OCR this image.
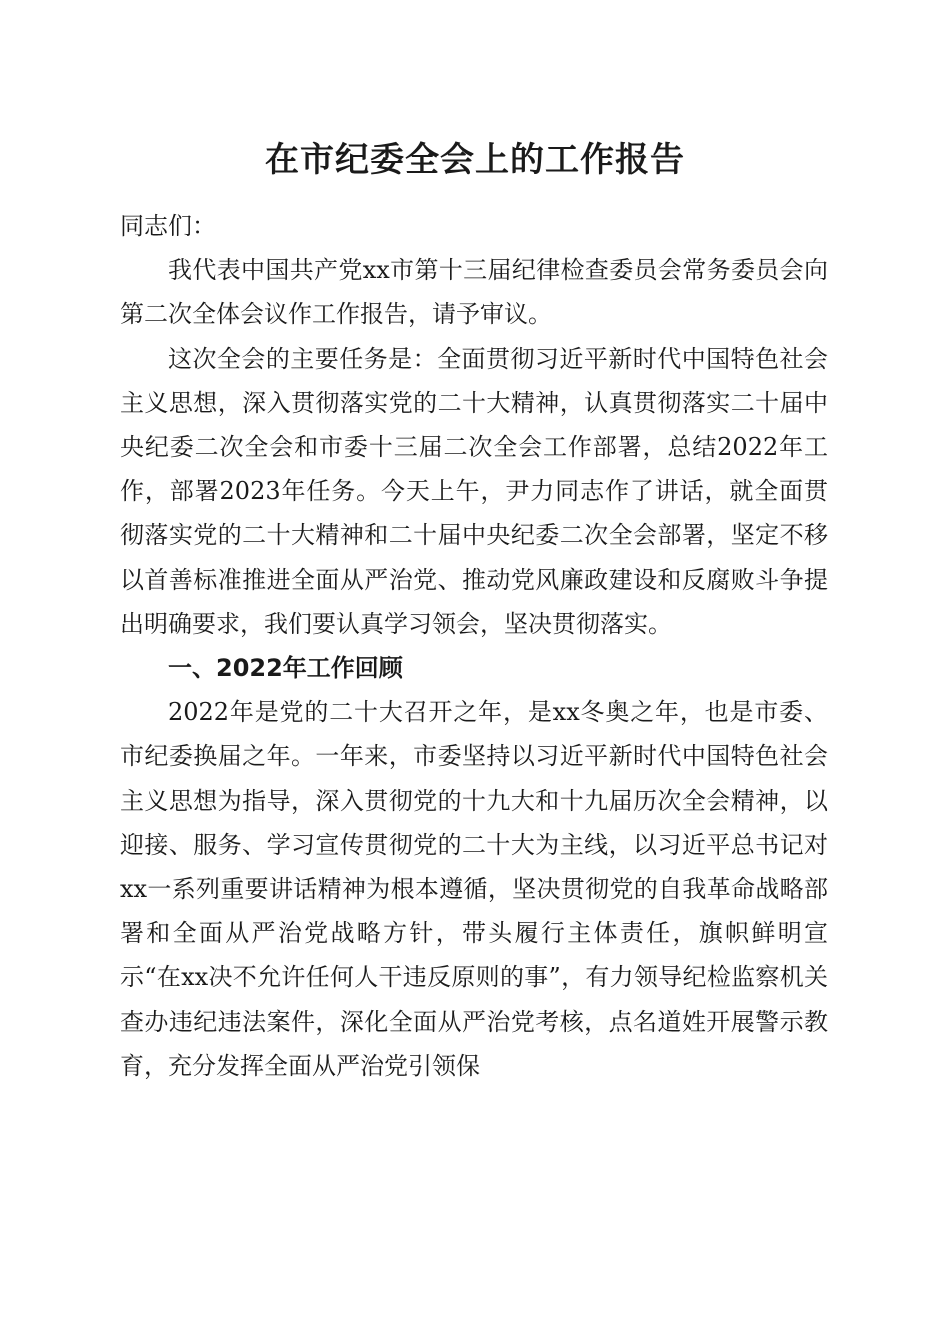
在市纪委全会上的工作报告

同志们：

我代表中国共产党xx市第十三届纪律检查委员会常务委员会向第二次全体会议作工作报告，请予审议。

这次全会的主要任务是：全面贯彻习近平新时代中国特色社会主义思想，深入贯彻落实党的二十大精神，认真贯彻落实二十届中央纪委二次全会和市委十三届二次全会工作部署，总结2022年工作，部署2023年任务。今天上午，尹力同志作了讲话，就全面贯彻落实党的二十大精神和二十届中央纪委二次全会部署，坚定不移以首善标准推进全面从严治党、推动党风廉政建设和反腐败斗争提出明确要求，我们要认真学习领会，坚决贯彻落实。

一、2022年工作回顾

2022年是党的二十大召开之年，是xx冬奥之年，也是市委、市纪委换届之年。一年来，市委坚持以习近平新时代中国特色社会主义思想为指导，深入贯彻党的十九大和十九届历次全会精神，以迎接、服务、学习宣传贯彻党的二十大为主线，以习近平总书记对xx一系列重要讲话精神为根本遵循，坚决贯彻党的自我革命战略部署和全面从严治党战略方针，带头履行主体责任，旗帜鲜明宣示“在xx决不允许任何人干违反原则的事”，有力领导纪检监察机关查办违纪违法案件，深化全面从严治党考核，点名道姓开展警示教育，充分发挥全面从严治党引领保
